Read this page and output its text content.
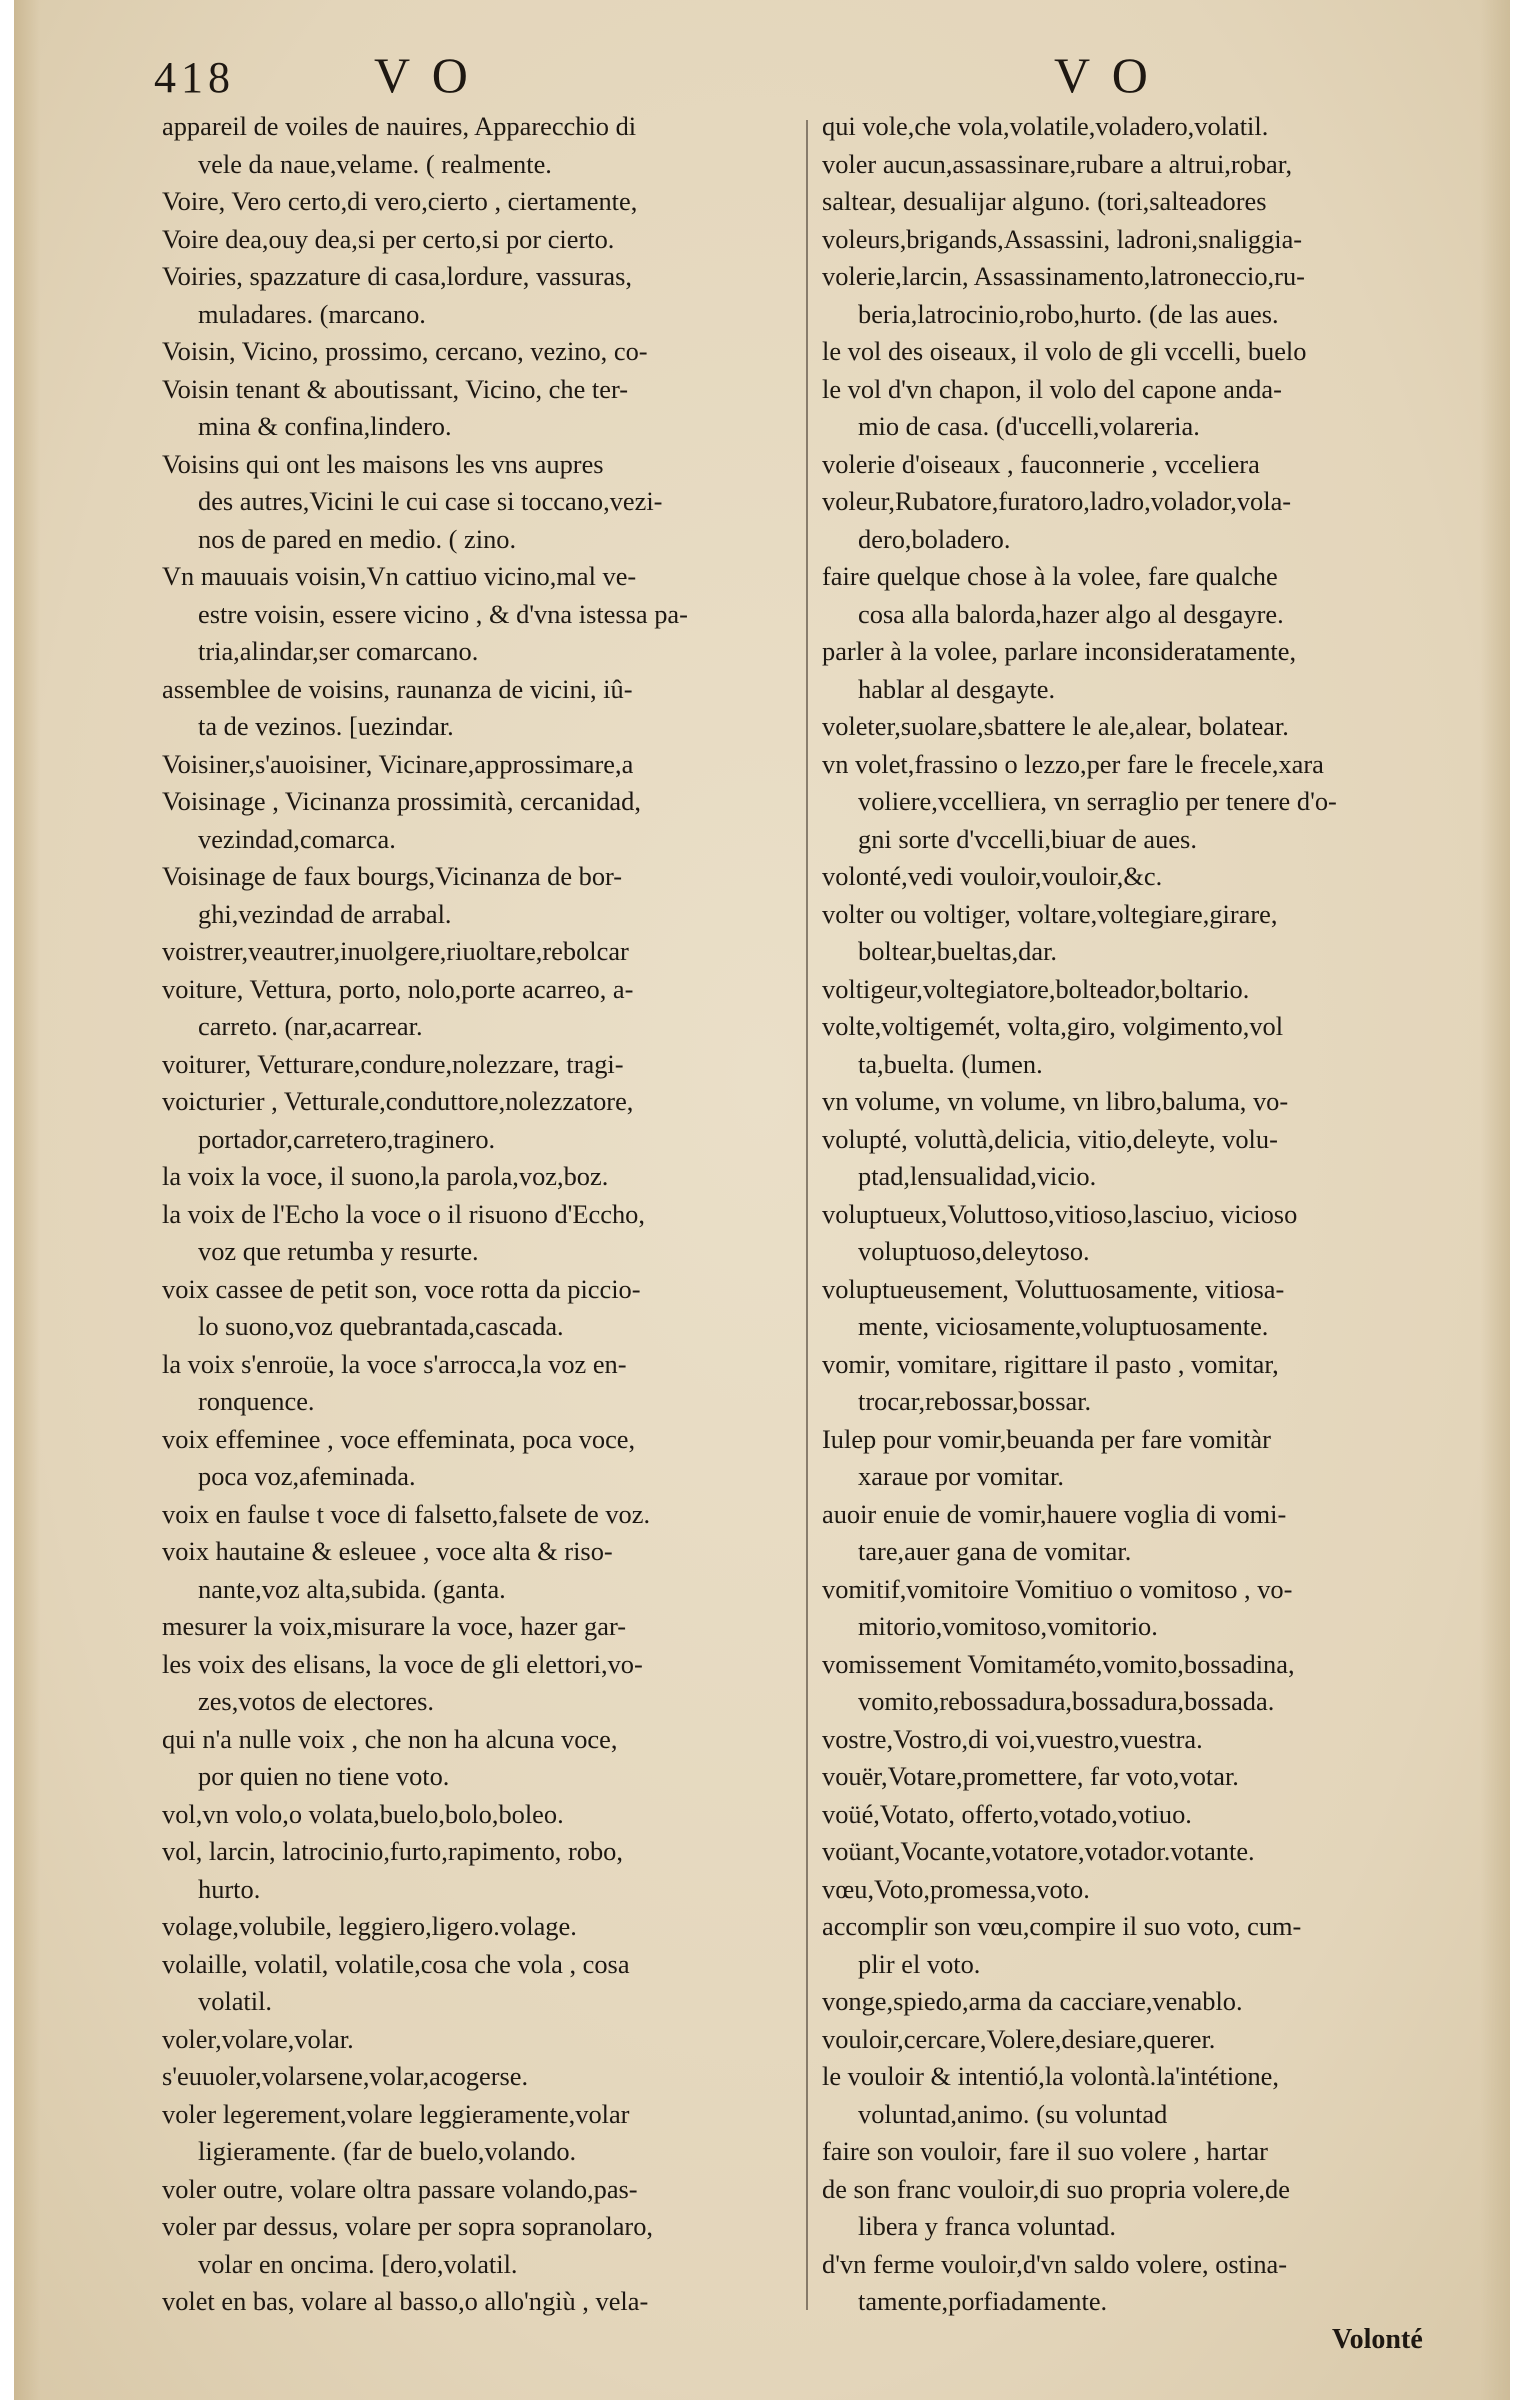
418	V O	V O
appareil de voiles de nauires, Apparecchio di
vele da naue,velame. ( realmente.
Voire, Vero certo,di vero,cierto , ciertamente,
Voire dea,ouy dea,si per certo,si por cierto.
Voiries, spazzature di casa,lordure, vassuras,
muladares. (marcano.
Voisin, Vicino, prossimo, cercano, vezino, co-
Voisin tenant & aboutissant, Vicino, che ter-
mina & confina,lindero.
Voisins qui ont les maisons les vns aupres
des autres,Vicini le cui case si toccano,vezi-
nos de pared en medio. ( zino.
Vn mauuais voisin,Vn cattiuo vicino,mal ve-
estre voisin, essere vicino , & d'vna istessa pa-
tria,alindar,ser comarcano.
assemblee de voisins, raunanza de vicini, iû-
ta de vezinos. [uezindar.
Voisiner,s'auoisiner, Vicinare,approssimare,a
Voisinage , Vicinanza prossimità, cercanidad,
vezindad,comarca.
Voisinage de faux bourgs,Vicinanza de bor-
ghi,vezindad de arrabal.
voistrer,veautrer,inuolgere,riuoltare,rebolcar
voiture, Vettura, porto, nolo,porte acarreo, a-
carreto. (nar,acarrear.
voiturer, Vetturare,condure,nolezzare, tragi-
voicturier , Vetturale,conduttore,nolezzatore,
portador,carretero,traginero.
la voix la voce, il suono,la parola,voz,boz.
la voix de l'Echo la voce o il risuono d'Eccho,
voz que retumba y resurte.
voix cassee de petit son, voce rotta da piccio-
lo suono,voz quebrantada,cascada.
la voix s'enroüe, la voce s'arrocca,la voz en-
ronquence.
voix effeminee , voce effeminata, poca voce,
poca voz,afeminada.
voix en faulse t voce di falsetto,falsete de voz.
voix hautaine & esleuee , voce alta & riso-
nante,voz alta,subida. (ganta.
mesurer la voix,misurare la voce, hazer gar-
les voix des elisans, la voce de gli elettori,vo-
zes,votos de electores.
qui n'a nulle voix , che non ha alcuna voce,
por quien no tiene voto.
vol,vn volo,o volata,buelo,bolo,boleo.
vol, larcin, latrocinio,furto,rapimento, robo,
hurto.
volage,volubile, leggiero,ligero.volage.
volaille, volatil, volatile,cosa che vola , cosa
volatil.
voler,volare,volar.
s'euuoler,volarsene,volar,acogerse.
voler legerement,volare leggieramente,volar
ligieramente. (far de buelo,volando.
voler outre, volare oltra passare volando,pas-
voler par dessus, volare per sopra sopranolaro,
volar en oncima. [dero,volatil.
volet en bas, volare al basso,o allo'ngiù , vela-
qui vole,che vola,volatile,voladero,volatil.
voler aucun,assassinare,rubare a altrui,robar,
saltear, desualijar alguno. (tori,salteadores
voleurs,brigands,Assassini, ladroni,snaliggia-
volerie,larcin, Assassinamento,latroneccio,ru-
beria,latrocinio,robo,hurto. (de las aues.
le vol des oiseaux, il volo de gli vccelli, buelo
le vol d'vn chapon, il volo del capone anda-
mio de casa. (d'uccelli,volareria.
volerie d'oiseaux , fauconnerie , vcceliera
voleur,Rubatore,furatoro,ladro,volador,vola-
dero,boladero.
faire quelque chose à la volee, fare qualche
cosa alla balorda,hazer algo al desgayre.
parler à la volee, parlare inconsideratamente,
hablar al desgayte.
voleter,suolare,sbattere le ale,alear, bolatear.
vn volet,frassino o lezzo,per fare le frecele,xara
voliere,vccelliera, vn serraglio per tenere d'o-
gni sorte d'vccelli,biuar de aues.
volonté,vedi vouloir,vouloir,&c.
volter ou voltiger, voltare,voltegiare,girare,
boltear,bueltas,dar.
voltigeur,voltegiatore,bolteador,boltario.
volte,voltigemét, volta,giro, volgimento,vol
ta,buelta. (lumen.
vn volume, vn volume, vn libro,baluma, vo-
volupté, voluttà,delicia, vitio,deleyte, volu-
ptad,lensualidad,vicio.
voluptueux,Voluttoso,vitioso,lasciuo, vicioso
voluptuoso,deleytoso.
voluptueusement, Voluttuosamente, vitiosa-
mente, viciosamente,voluptuosamente.
vomir, vomitare, rigittare il pasto , vomitar,
trocar,rebossar,bossar.
Iulep pour vomir,beuanda per fare vomitàr
xaraue por vomitar.
auoir enuie de vomir,hauere voglia di vomi-
tare,auer gana de vomitar.
vomitif,vomitoire Vomitiuo o vomitoso , vo-
mitorio,vomitoso,vomitorio.
vomissement Vomitaméto,vomito,bossadina,
vomito,rebossadura,bossadura,bossada.
vostre,Vostro,di voi,vuestro,vuestra.
vouër,Votare,promettere, far voto,votar.
voüé,Votato, offerto,votado,votiuo.
voüant,Vocante,votatore,votador.votante.
vœu,Voto,promessa,voto.
accomplir son vœu,compire il suo voto, cum-
plir el voto.
vonge,spiedo,arma da cacciare,venablo.
vouloir,cercare,Volere,desiare,querer.
le vouloir & intentió,la volontà.la'intétione,
voluntad,animo. (su voluntad
faire son vouloir, fare il suo volere , hartar
de son franc vouloir,di suo propria volere,de
libera y franca voluntad.
d'vn ferme vouloir,d'vn saldo volere, ostina-
tamente,porfiadamente.
Volonté
